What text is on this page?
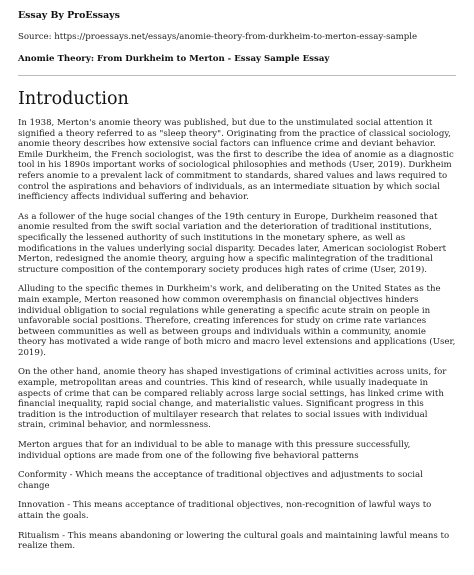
Essay By ProEssays
Source: https://proessays.net/essays/anomie-theory-from-durkheim-to-merton-essay-sample
Anomie Theory: From Durkheim to Merton - Essay Sample Essay
Introduction

In 1938, Merton's anomie theory was published, but due to the unstimulated social attention it signified a theory referred to as "sleep theory". Originating from the practice of classical sociology, anomie theory describes how extensive social factors can influence crime and deviant behavior. Emile Durkheim, the French sociologist, was the first to describe the idea of anomie as a diagnostic tool in his 1890s important works of sociological philosophies and methods (User, 2019). Durkheim refers anomie to a prevalent lack of commitment to standards, shared values and laws required to control the aspirations and behaviors of individuals, as an intermediate situation by which social inefficiency affects individual suffering and behavior.

As a follower of the huge social changes of the 19th century in Europe, Durkheim reasoned that anomie resulted from the swift social variation and the deterioration of traditional institutions, specifically the lessened authority of such institutions in the monetary sphere, as well as modifications in the values underlying social disparity. Decades later, American sociologist Robert Merton, redesigned the anomie theory, arguing how a specific malintegration of the traditional structure composition of the contemporary society produces high rates of crime (User, 2019).

Alluding to the specific themes in Durkheim's work, and deliberating on the United States as the main example, Merton reasoned how common overemphasis on financial objectives hinders individual obligation to social regulations while generating a specific acute strain on people in unfavorable social positions. Therefore, creating inferences for study on crime rate variances between communities as well as between groups and individuals within a community, anomie theory has motivated a wide range of both micro and macro level extensions and applications (User, 2019).

On the other hand, anomie theory has shaped investigations of criminal activities across units, for example, metropolitan areas and countries. This kind of research, while usually inadequate in aspects of crime that can be compared reliably across large social settings, has linked crime with financial inequality, rapid social change, and materialistic values. Significant progress in this tradition is the introduction of multilayer research that relates to social issues with individual strain, criminal behavior, and normlessness.

Merton argues that for an individual to be able to manage with this pressure successfully, individual options are made from one of the following five behavioral patterns

Conformity - Which means the acceptance of traditional objectives and adjustments to social change

Innovation - This means acceptance of traditional objectives, non-recognition of lawful ways to attain the goals.

Ritualism - This means abandoning or lowering the cultural goals and maintaining lawful means to realize them.
